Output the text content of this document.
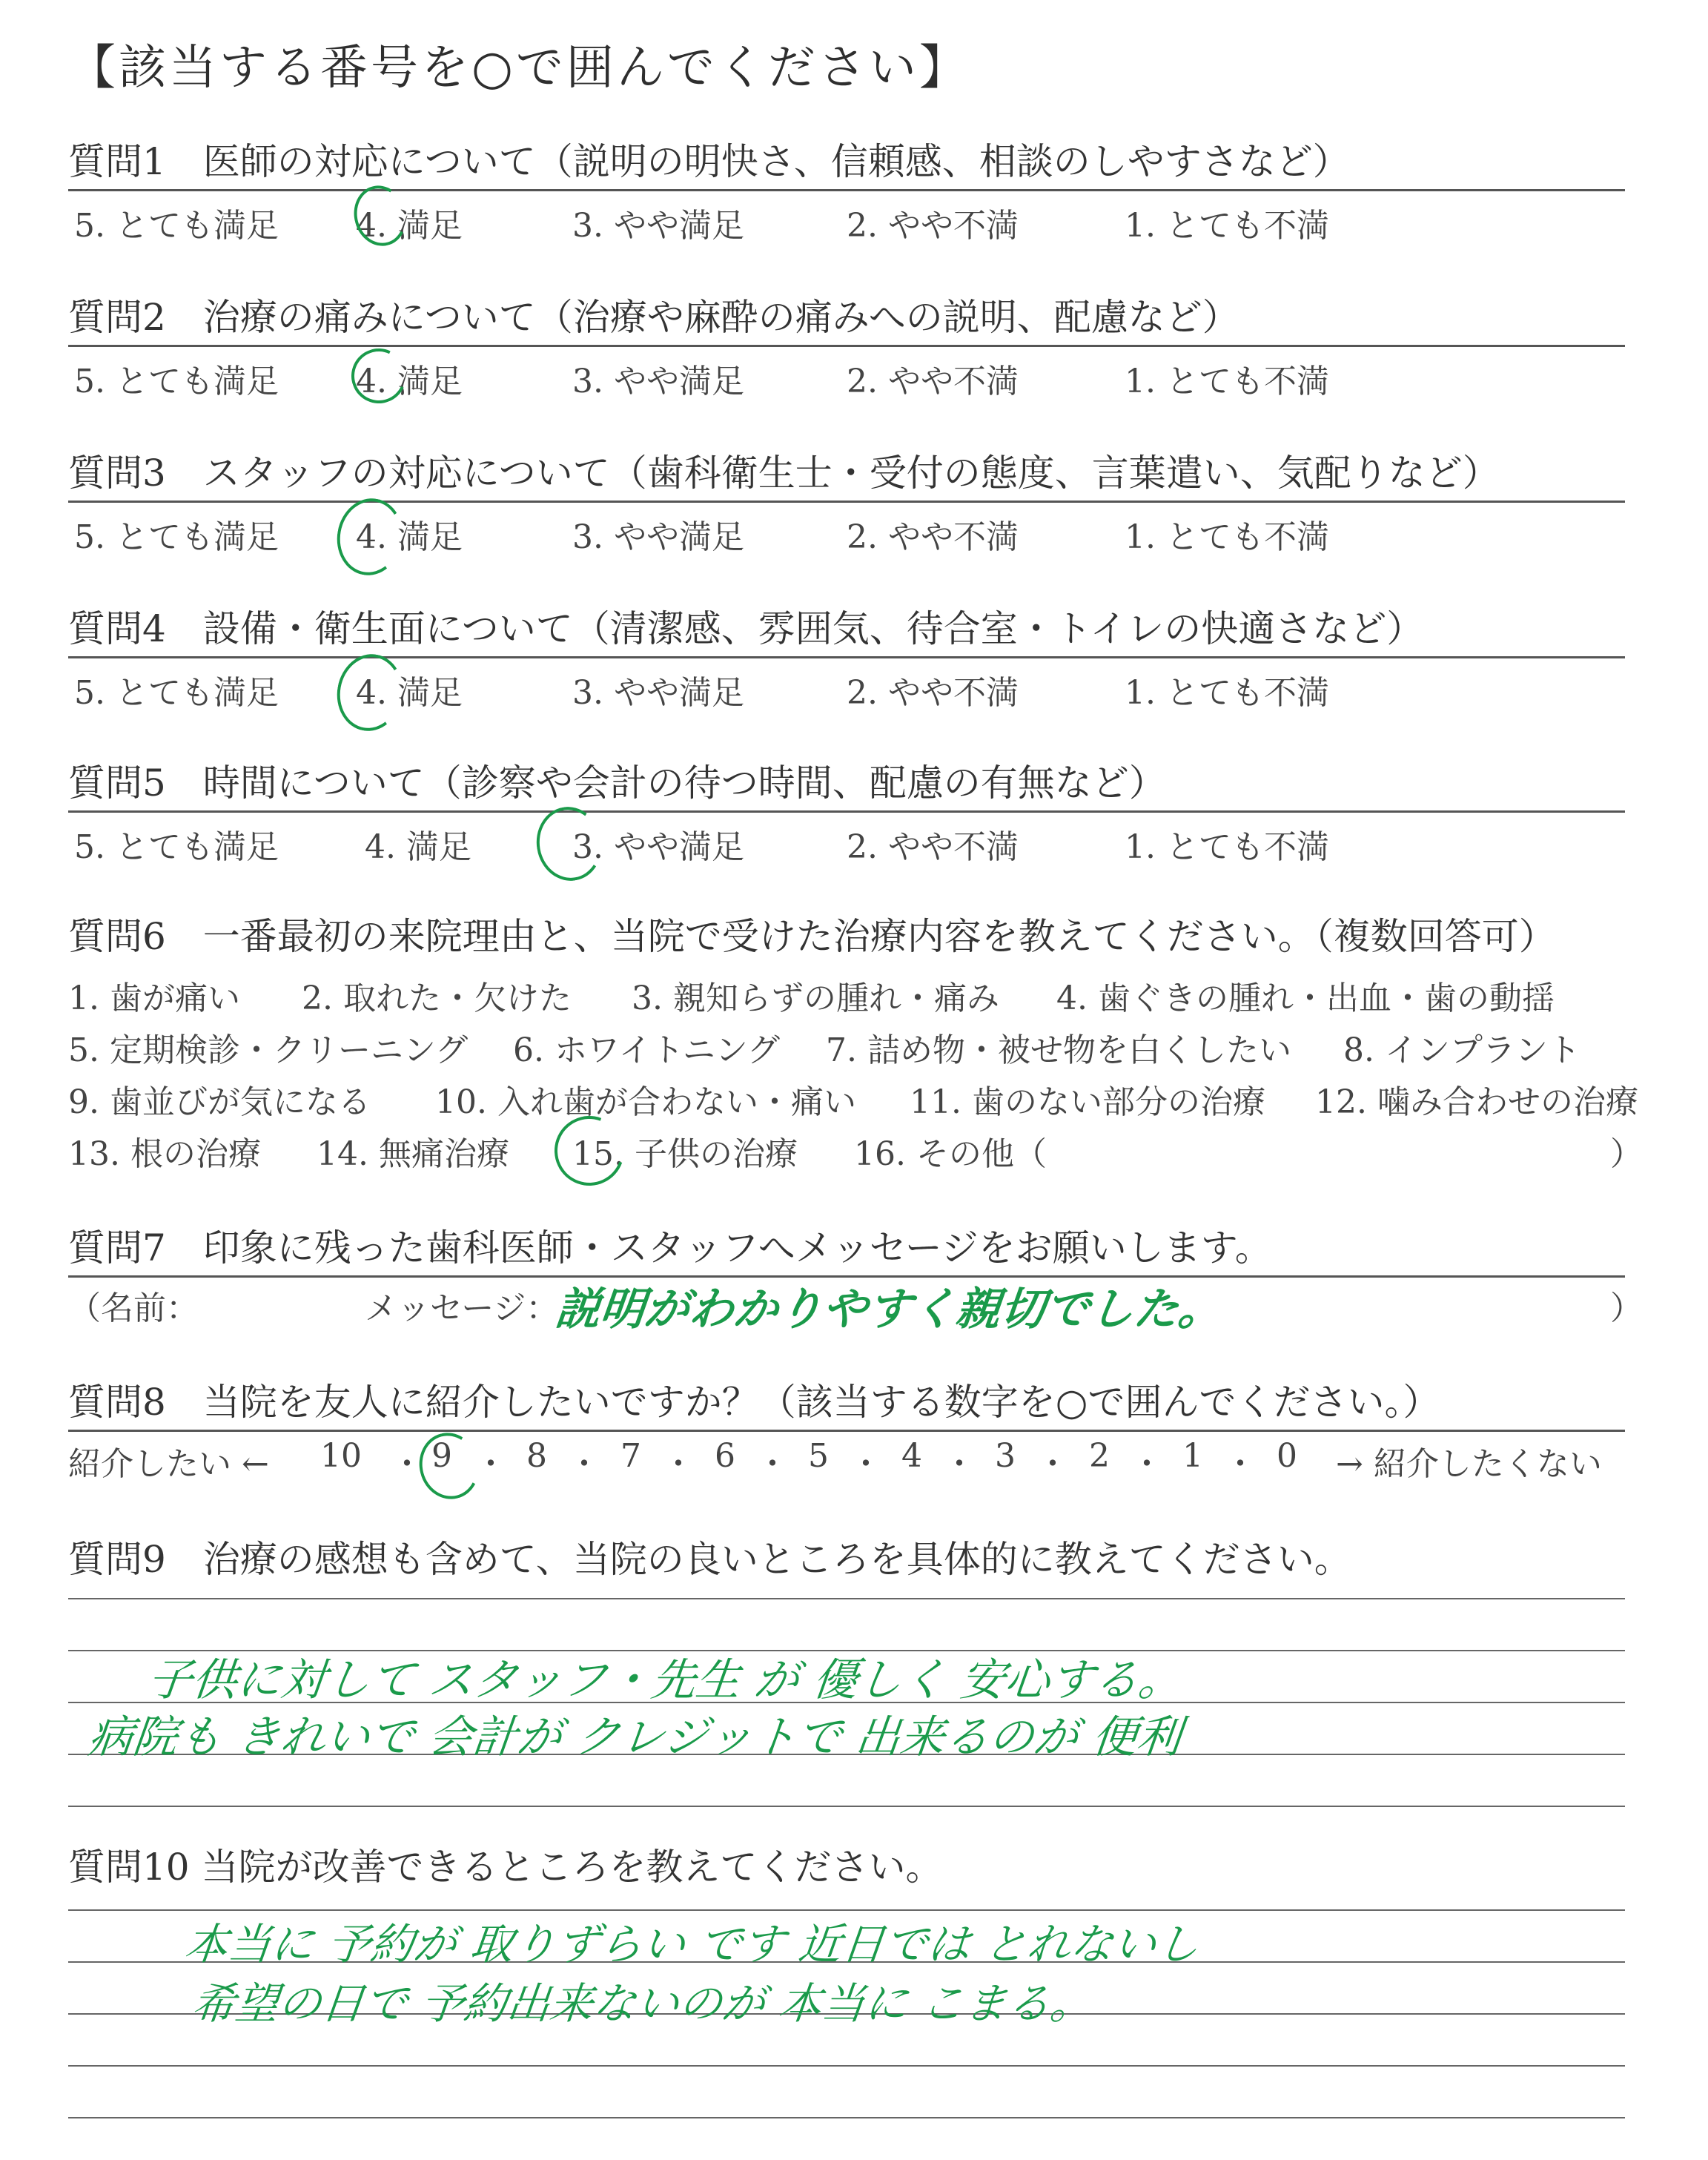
【該当する番号を○で囲んでください】
質問1　医師の対応について（説明の明快さ、信頼感、相談のしやすさなど）
5. とても満足 4. 満足	3. やや満足	2. やや不満	1. とても不満
質問2　治療の痛みについて（治療や麻酔の痛みへの説明、配慮など）
5. とても満足 4. 満足	3. やや満足	2. やや不満	1. とても不満
質問3　スタッフの対応について（歯科衛生士・受付の態度、言葉遣い、気配りなど）
5. とても満足 4. 満足	3. やや満足	2. やや不満	1. とても不満
質問4　設備・衛生面について（清潔感、雰囲気、待合室・トイレの快適さなど）
5. とても満足 4. 満足	3. やや満足	2. やや不満	1. とても不満
質問5　時間について（診察や会計の待つ時間、配慮の有無など）
5. とても満足	4. 満足	3. やや満足	2. やや不満	1. とても不満
質問6　一番最初の来院理由と、当院で受けた治療内容を教えてください。（複数回答可）
1. 歯が痛い 2. 取れた・欠けた 3. 親知らずの腫れ・痛み 4. 歯ぐきの腫れ・出血・歯の動揺
5. 定期検診・クリーニング 6. ホワイトニング 7. 詰め物・被せ物を白くしたい 8. インプラント
9. 歯並びが気になる 10. 入れ歯が合わない・痛い 11. 歯のない部分の治療 12. 噛み合わせの治療
13. 根の治療 14. 無痛治療 15. 子供の治療 16. その他（	）
質問7　印象に残った歯科医師・スタッフへメッセージをお願いします。
（名前：	メッセージ：	）
説明がわかりやすく親切でした。
質問8　当院を友人に紹介したいですか？（該当する数字を○で囲んでください。）
紹介したい ← 10 ・ 9 ・ 8 ・ 7 ・ 6 ・ 5 ・ 4 ・ 3 ・ 2 ・ 1 ・ 0 → 紹介したくない
質問9　治療の感想も含めて、当院の良いところを具体的に教えてください。
子供に対して スタッフ・先生 が 優しく 安心する。
病院も きれいで 会計が クレジットで 出来るのが 便利
質問10 当院が改善できるところを教えてください。
本当に 予約が 取りずらい です 近日では とれないし
希望の日で 予約出来ないのが 本当に こまる。
